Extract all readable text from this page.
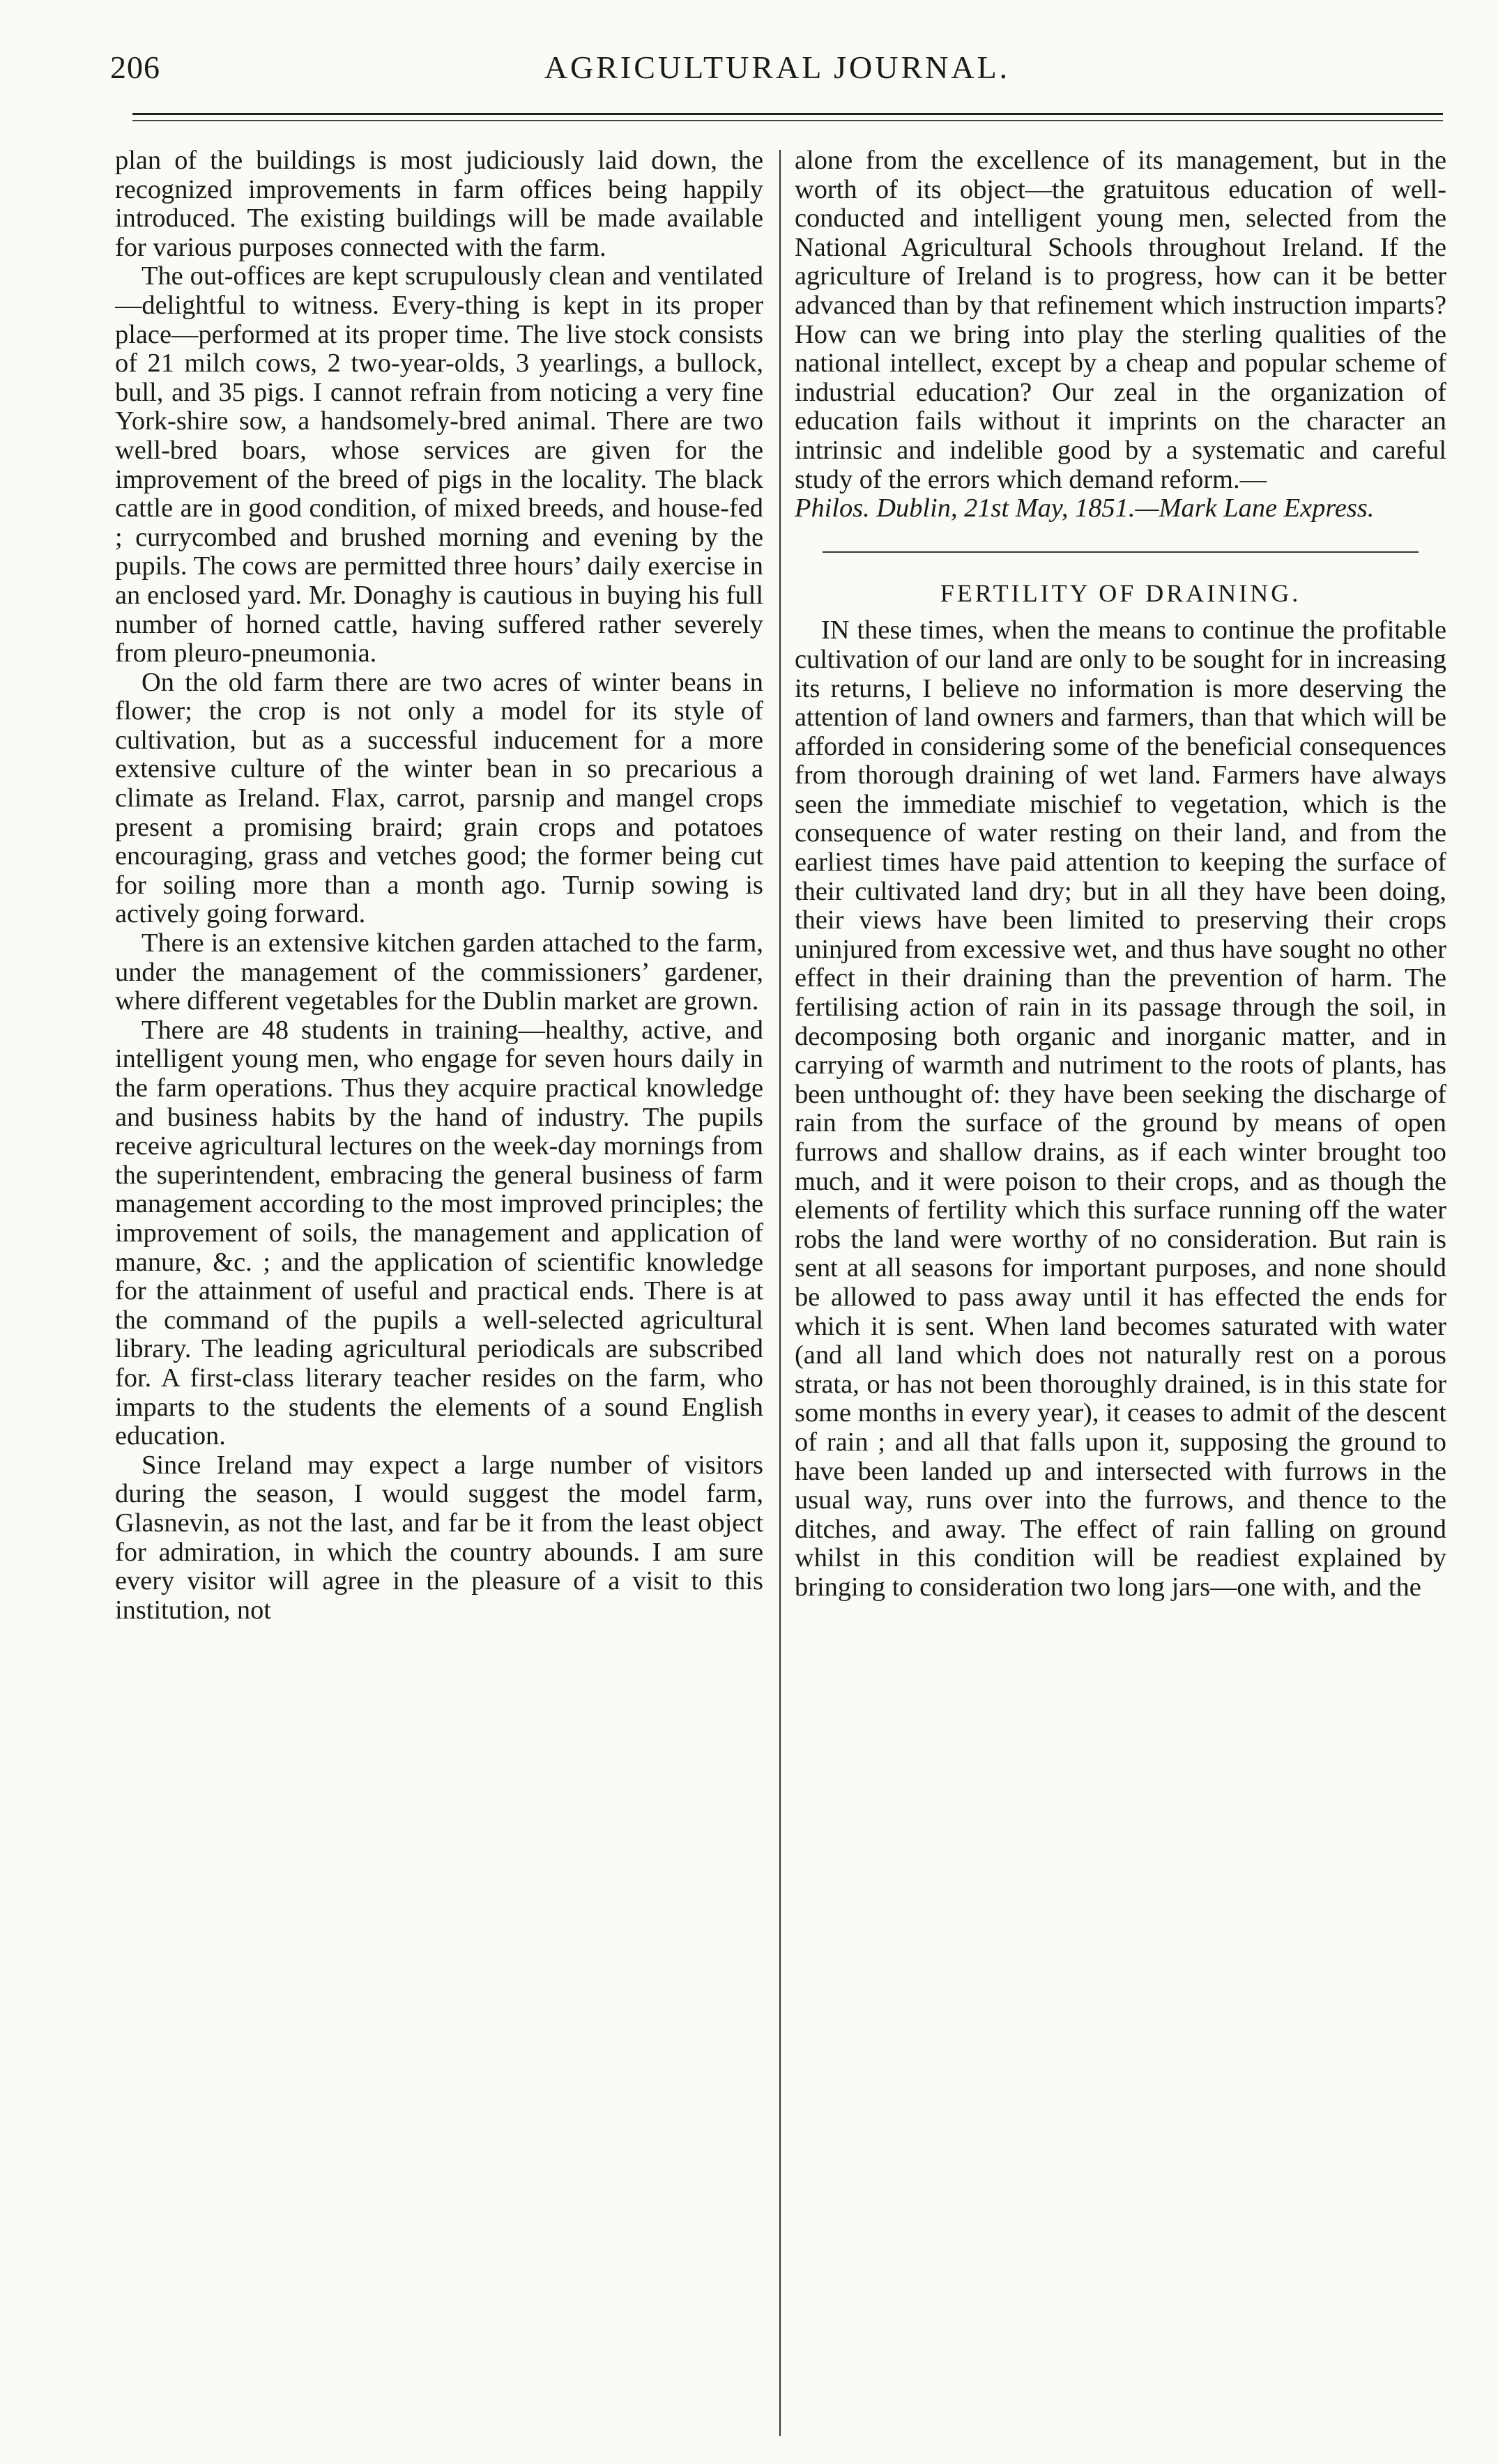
206	AGRICULTURAL JOURNAL.

plan of the buildings is most judiciously laid down, the recognized improvements in farm offices being happily introduced. The existing buildings will be made available for various purposes connected with the farm.

The out-offices are kept scrupulously clean and ventilated—delightful to witness. Every-thing is kept in its proper place—performed at its proper time. The live stock consists of 21 milch cows, 2 two-year-olds, 3 yearlings, a bullock, bull, and 35 pigs. I cannot refrain from noticing a very fine York-shire sow, a handsomely-bred animal. There are two well-bred boars, whose services are given for the improvement of the breed of pigs in the locality. The black cattle are in good condition, of mixed breeds, and house-fed ; currycombed and brushed morning and evening by the pupils. The cows are permitted three hours’ daily exercise in an enclosed yard. Mr. Donaghy is cautious in buying his full number of horned cattle, having suffered rather severely from pleuro-pneumonia.

On the old farm there are two acres of winter beans in flower; the crop is not only a model for its style of cultivation, but as a successful inducement for a more extensive culture of the winter bean in so precarious a climate as Ireland. Flax, carrot, parsnip and mangel crops present a promising braird; grain crops and potatoes encouraging, grass and vetches good; the former being cut for soiling more than a month ago. Turnip sowing is actively going forward.

There is an extensive kitchen garden attached to the farm, under the management of the commissioners’ gardener, where different vegetables for the Dublin market are grown.

There are 48 students in training—healthy, active, and intelligent young men, who engage for seven hours daily in the farm operations. Thus they acquire practical knowledge and business habits by the hand of industry. The pupils receive agricultural lectures on the week-day mornings from the superintendent, embracing the general business of farm management according to the most improved principles; the improvement of soils, the management and application of manure, &c. ; and the application of scientific knowledge for the attainment of useful and practical ends. There is at the command of the pupils a well-selected agricultural library. The leading agricultural periodicals are subscribed for. A first-class literary teacher resides on the farm, who imparts to the students the elements of a sound English education.

Since Ireland may expect a large number of visitors during the season, I would suggest the model farm, Glasnevin, as not the last, and far be it from the least object for admiration, in which the country abounds. I am sure every visitor will agree in the pleasure of a visit to this institution, not

alone from the excellence of its management, but in the worth of its object—the gratuitous education of well-conducted and intelligent young men, selected from the National Agricultural Schools throughout Ireland. If the agriculture of Ireland is to progress, how can it be better advanced than by that refinement which instruction imparts? How can we bring into play the sterling qualities of the national intellect, except by a cheap and popular scheme of industrial education? Our zeal in the organization of education fails without it imprints on the character an intrinsic and indelible good by a systematic and careful study of the errors which demand reform.—

Philos. Dublin, 21st May, 1851.—Mark Lane Express.

FERTILITY OF DRAINING.

IN these times, when the means to continue the profitable cultivation of our land are only to be sought for in increasing its returns, I believe no information is more deserving the attention of land owners and farmers, than that which will be afforded in considering some of the beneficial consequences from thorough draining of wet land. Farmers have always seen the immediate mischief to vegetation, which is the consequence of water resting on their land, and from the earliest times have paid attention to keeping the surface of their cultivated land dry; but in all they have been doing, their views have been limited to preserving their crops uninjured from excessive wet, and thus have sought no other effect in their draining than the prevention of harm. The fertilising action of rain in its passage through the soil, in decomposing both organic and inorganic matter, and in carrying of warmth and nutriment to the roots of plants, has been unthought of: they have been seeking the discharge of rain from the surface of the ground by means of open furrows and shallow drains, as if each winter brought too much, and it were poison to their crops, and as though the elements of fertility which this surface running off the water robs the land were worthy of no consideration. But rain is sent at all seasons for important purposes, and none should be allowed to pass away until it has effected the ends for which it is sent. When land becomes saturated with water (and all land which does not naturally rest on a porous strata, or has not been thoroughly drained, is in this state for some months in every year), it ceases to admit of the descent of rain ; and all that falls upon it, supposing the ground to have been landed up and intersected with furrows in the usual way, runs over into the furrows, and thence to the ditches, and away. The effect of rain falling on ground whilst in this condition will be readiest explained by bringing to consideration two long jars—one with, and the
